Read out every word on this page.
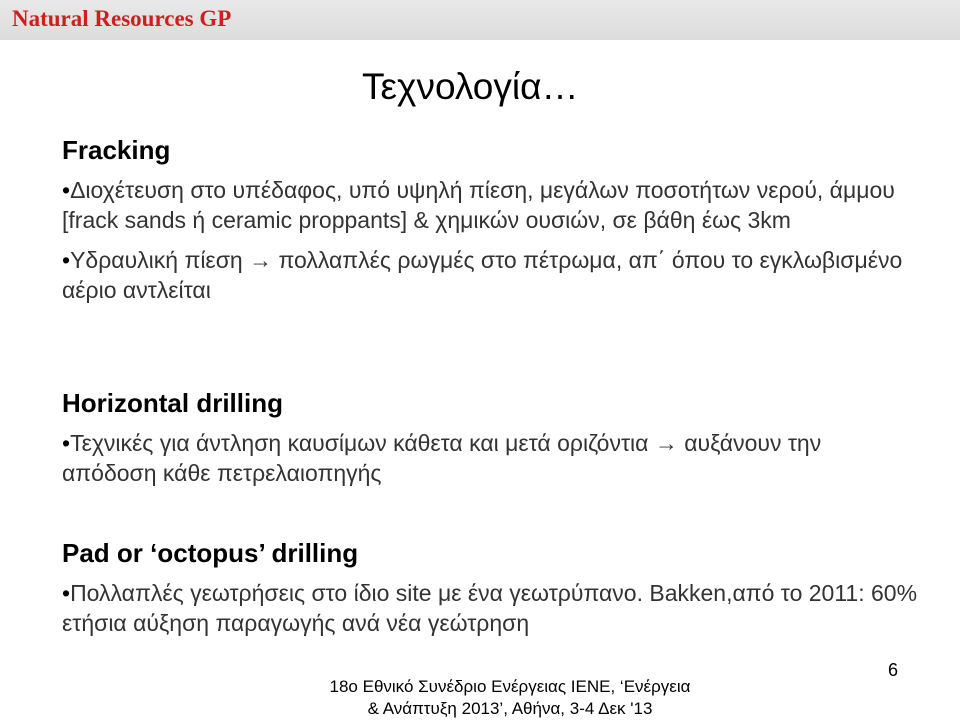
Natural Resources GP
Τεχνολογία…

Fracking

•Διοχέτευση στο υπέδαφος, υπό υψηλή πίεση, μεγάλων ποσοτήτων νερού, άμμου [frack sands ή ceramic proppants] & χημικών ουσιών, σε βάθη έως 3km

•Υδραυλική πίεση → πολλαπλές ρωγμές στο πέτρωμα, απ΄ όπου το εγκλωβισμένο αέριο αντλείται

Horizontal drilling

•Τεχνικές για άντληση καυσίμων κάθετα και μετά οριζόντια → αυξάνουν την απόδοση κάθε πετρελαιοπηγής

Pad or ‘octopus’ drilling

•Πολλαπλές γεωτρήσεις στο ίδιο site με ένα γεωτρύπανο. Bakken,από το 2011: 60% ετήσια αύξηση παραγωγής ανά νέα γεώτρηση

18ο Εθνικό Συνέδριο Ενέργειας ΙΕΝΕ, ‘Ενέργεια
& Ανάπτυξη 2013’, Αθήνα, 3-4 Δεκ '13
6
